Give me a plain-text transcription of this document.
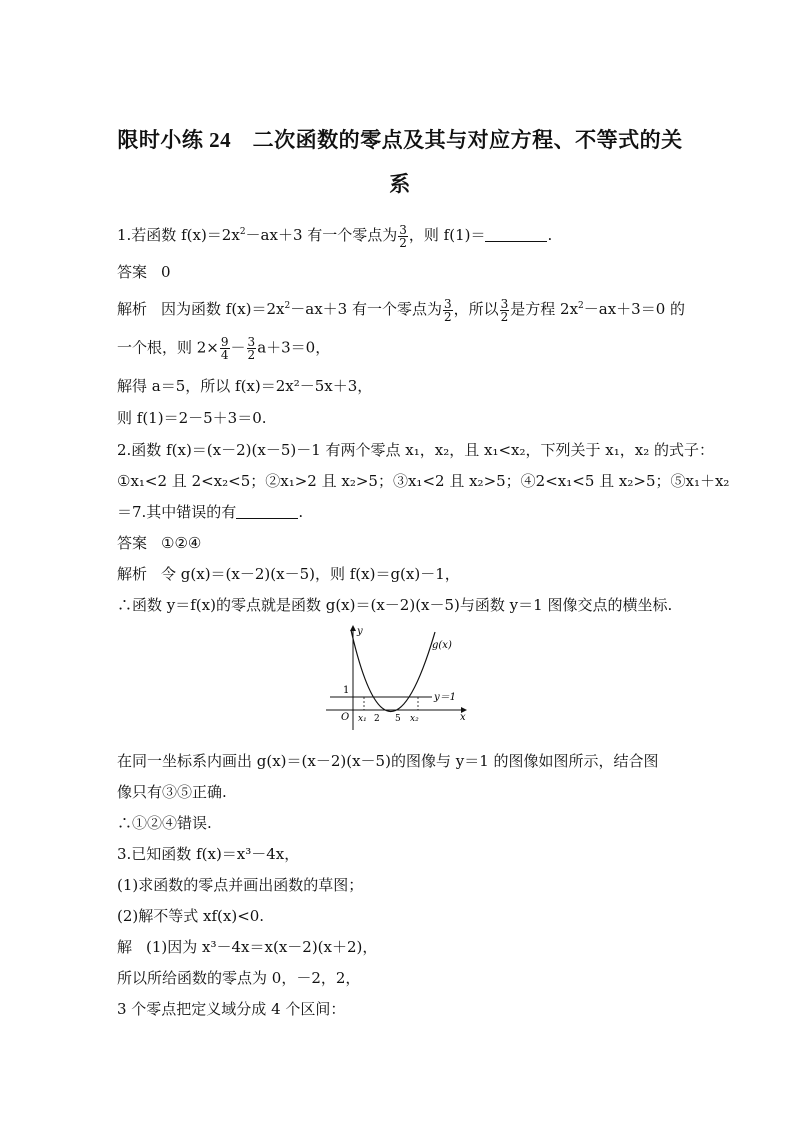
限时小练 24　二次函数的零点及其与对应方程、不等式的关系
1.若函数 $f(x)=2x^2-ax+3$ 有一个零点为 $\frac{3}{2}$ ，则 f(1)＝	.
答案 0
解析 因为函数 $f(x)=2x^2-ax+3$ 有一个零点为 $\frac{3}{2}$ ，所以 $\frac{3}{2}$ 是方程 $2x^2-ax+3=0$ 的
一个根，则 $2\times \frac{9}{4} - \frac{3}{2} a+3=0$，
解得 a＝5，所以 f(x)＝2x²－5x＋3，
则 f(1)＝2－5＋3＝0.
2.函数 f(x)＝(x－2)(x－5)－1 有两个零点 x₁，x₂，且 x₁<x₂，下列关于 x₁，x₂ 的式子：
①x₁<2 且 2<x₂<5；②x₁>2 且 x₂>5；③x₁<2 且 x₂>5；④2<x₁<5 且 x₂>5；⑤x₁＋x₂
＝7.其中错误的有	.
答案 ①②④
解析 令 g(x)＝(x－2)(x－5)，则 f(x)＝g(x)－1，
∴函数 y＝f(x)的零点就是函数 g(x)＝(x－2)(x－5)与函数 y＝1 图像交点的横坐标.
y
x
O
g(x)
y＝1
1
x₁ 2 5 x₂
在同一坐标系内画出 g(x)＝(x－2)(x－5)的图像与 y＝1 的图像如图所示，结合图
像只有③⑤正确.
∴①②④错误.
3.已知函数 f(x)＝x³－4x，
(1)求函数的零点并画出函数的草图；
(2)解不等式 xf(x)<0.
解 (1)因为 x³－4x＝x(x－2)(x＋2)，
所以所给函数的零点为 0，－2，2，
3 个零点把定义域分成 4 个区间：
